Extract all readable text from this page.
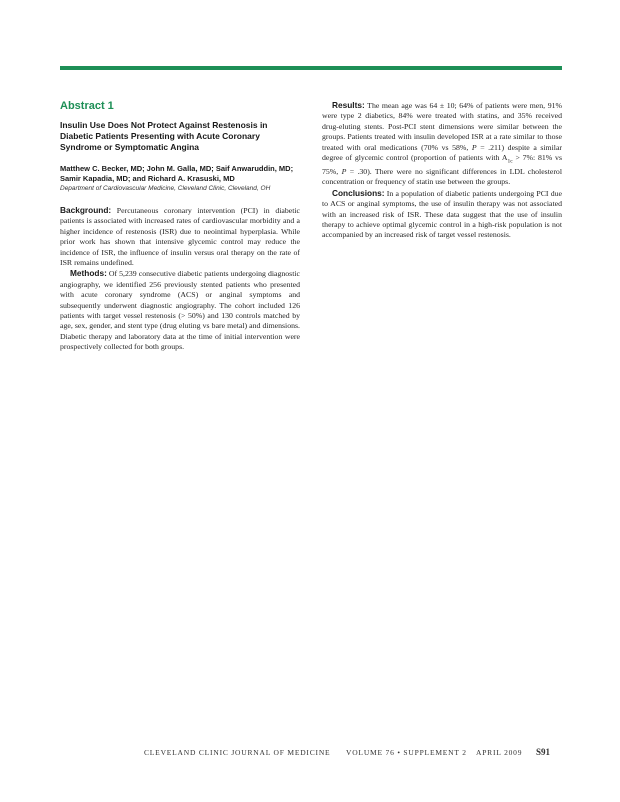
Abstract 1
Insulin Use Does Not Protect Against Restenosis in Diabetic Patients Presenting with Acute Coronary Syndrome or Symptomatic Angina
Matthew C. Becker, MD; John M. Galla, MD; Saif Anwaruddin, MD; Samir Kapadia, MD; and Richard A. Krasuski, MD
Department of Cardiovascular Medicine, Cleveland Clinic, Cleveland, OH

Background: Percutaneous coronary intervention (PCI) in diabetic patients is associated with increased rates of cardiovascular morbidity and a higher incidence of restenosis (ISR) due to neointimal hyperplasia. While prior work has shown that intensive glycemic control may reduce the incidence of ISR, the influence of insulin versus oral therapy on the rate of ISR remains undefined.

Methods: Of 5,239 consecutive diabetic patients undergoing diagnostic angiography, we identified 256 previously stented patients who presented with acute coronary syndrome (ACS) or anginal symptoms and subsequently underwent diagnostic angiography. The cohort included 126 patients with target vessel restenosis (> 50%) and 130 controls matched by age, sex, gender, and stent type (drug eluting vs bare metal) and dimensions. Diabetic therapy and laboratory data at the time of initial intervention were prospectively collected for both groups.

Results: The mean age was 64 ± 10; 64% of patients were men, 91% were type 2 diabetics, 84% were treated with statins, and 35% received drug-eluting stents. Post-PCI stent dimensions were similar between the groups. Patients treated with insulin developed ISR at a rate similar to those treated with oral medications (70% vs 58%, P = .211) despite a similar degree of glycemic control (proportion of patients with $A_{1c} > 7\%$: 81% vs 75%, P = .30). There were no significant differences in LDL cholesterol concentration or frequency of statin use between the groups.

Conclusions: In a population of diabetic patients undergoing PCI due to ACS or anginal symptoms, the use of insulin therapy was not associated with an increased risk of ISR. These data suggest that the use of insulin therapy to achieve optimal glycemic control in a high-risk population is not accompanied by an increased risk of target vessel restenosis.

CLEVELAND CLINIC JOURNAL OF MEDICINE VOLUME 76 • SUPPLEMENT 2 APRIL 2009 S91
